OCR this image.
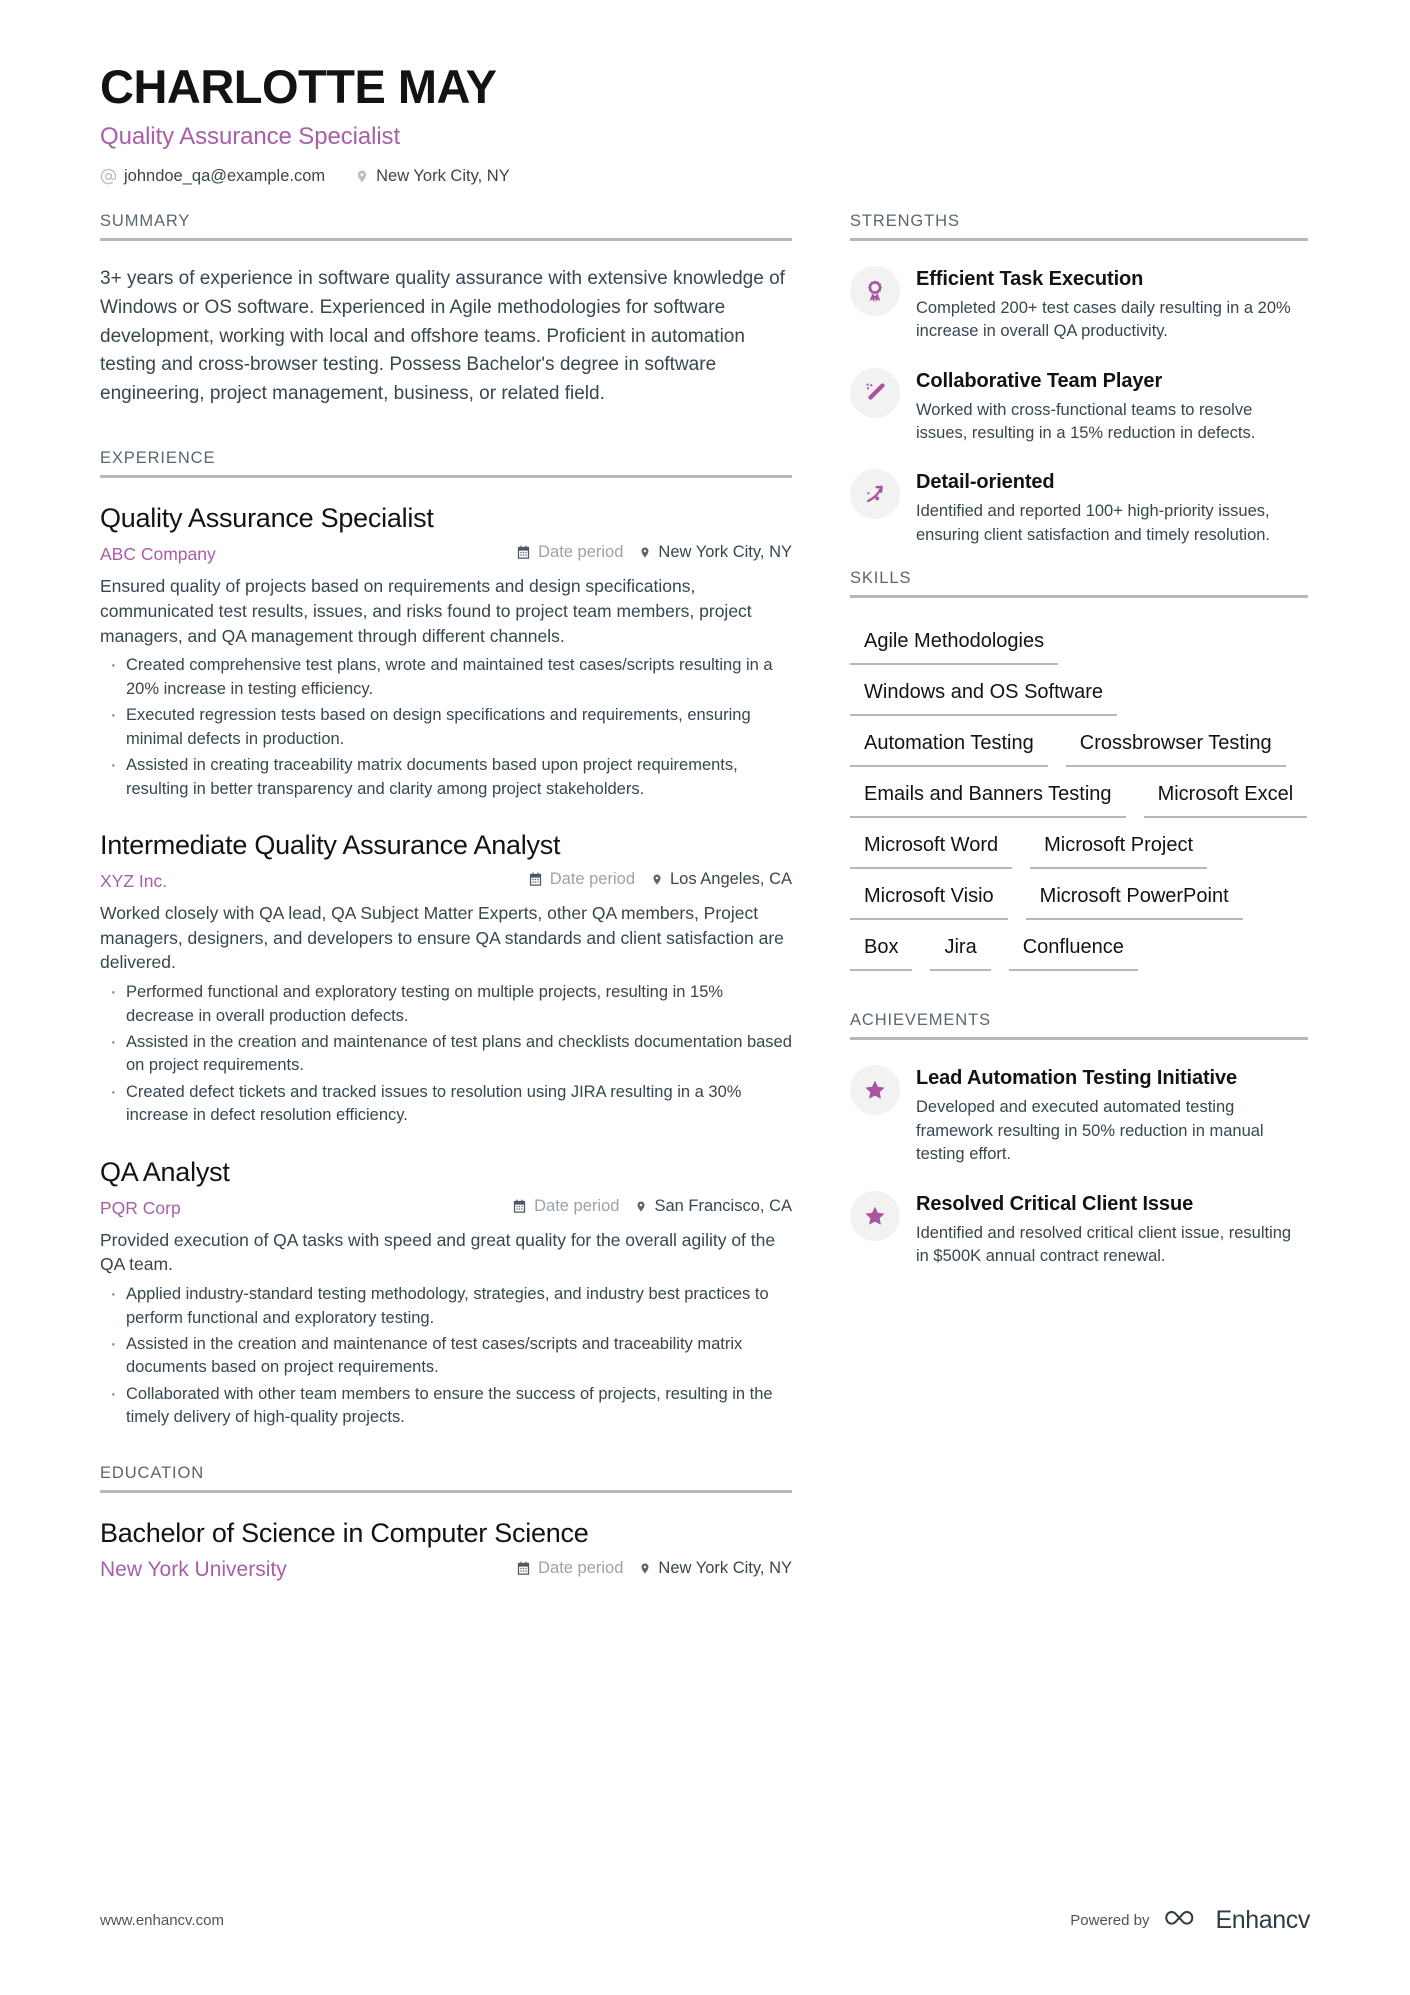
CHARLOTTE MAY
Quality Assurance Specialist
johndoe_qa@example.com	New York City, NY
SUMMARY
3+ years of experience in software quality assurance with extensive knowledge of Windows or OS software. Experienced in Agile methodologies for software development, working with local and offshore teams. Proficient in automation testing and cross-browser testing. Possess Bachelor's degree in software engineering, project management, business, or related field.
EXPERIENCE
Quality Assurance Specialist
ABC Company	Date period New York City, NY
Ensured quality of projects based on requirements and design specifications, communicated test results, issues, and risks found to project team members, project managers, and QA management through different channels.
· Created comprehensive test plans, wrote and maintained test cases/scripts resulting in a 20% increase in testing efficiency.
· Executed regression tests based on design specifications and requirements, ensuring minimal defects in production.
· Assisted in creating traceability matrix documents based upon project requirements, resulting in better transparency and clarity among project stakeholders.
Intermediate Quality Assurance Analyst
XYZ Inc.	Date period Los Angeles, CA
Worked closely with QA lead, QA Subject Matter Experts, other QA members, Project managers, designers, and developers to ensure QA standards and client satisfaction are delivered.
· Performed functional and exploratory testing on multiple projects, resulting in 15% decrease in overall production defects.
· Assisted in the creation and maintenance of test plans and checklists documentation based on project requirements.
· Created defect tickets and tracked issues to resolution using JIRA resulting in a 30% increase in defect resolution efficiency.
QA Analyst
PQR Corp	Date period San Francisco, CA
Provided execution of QA tasks with speed and great quality for the overall agility of the QA team.
· Applied industry-standard testing methodology, strategies, and industry best practices to perform functional and exploratory testing.
· Assisted in the creation and maintenance of test cases/scripts and traceability matrix documents based on project requirements.
· Collaborated with other team members to ensure the success of projects, resulting in the timely delivery of high-quality projects.
EDUCATION
Bachelor of Science in Computer Science
New York University	Date period New York City, NY
STRENGTHS
1 Efficient Task Execution
Completed 200+ test cases daily resulting in a 20% increase in overall QA productivity.
Collaborative Team Player
Worked with cross-functional teams to resolve issues, resulting in a 15% reduction in defects.
Detail-oriented
Identified and reported 100+ high-priority issues, ensuring client satisfaction and timely resolution.
SKILLS
Agile Methodologies
Windows and OS Software
Automation Testing	Crossbrowser Testing
Emails and Banners Testing	Microsoft Excel
Microsoft Word	Microsoft Project
Microsoft Visio	Microsoft PowerPoint
Box	Jira	Confluence
ACHIEVEMENTS
Lead Automation Testing Initiative
Developed and executed automated testing framework resulting in 50% reduction in manual testing effort.
Resolved Critical Client Issue
Identified and resolved critical client issue, resulting in $500K annual contract renewal.
www.enhancv.com	Powered by	Enhancv
